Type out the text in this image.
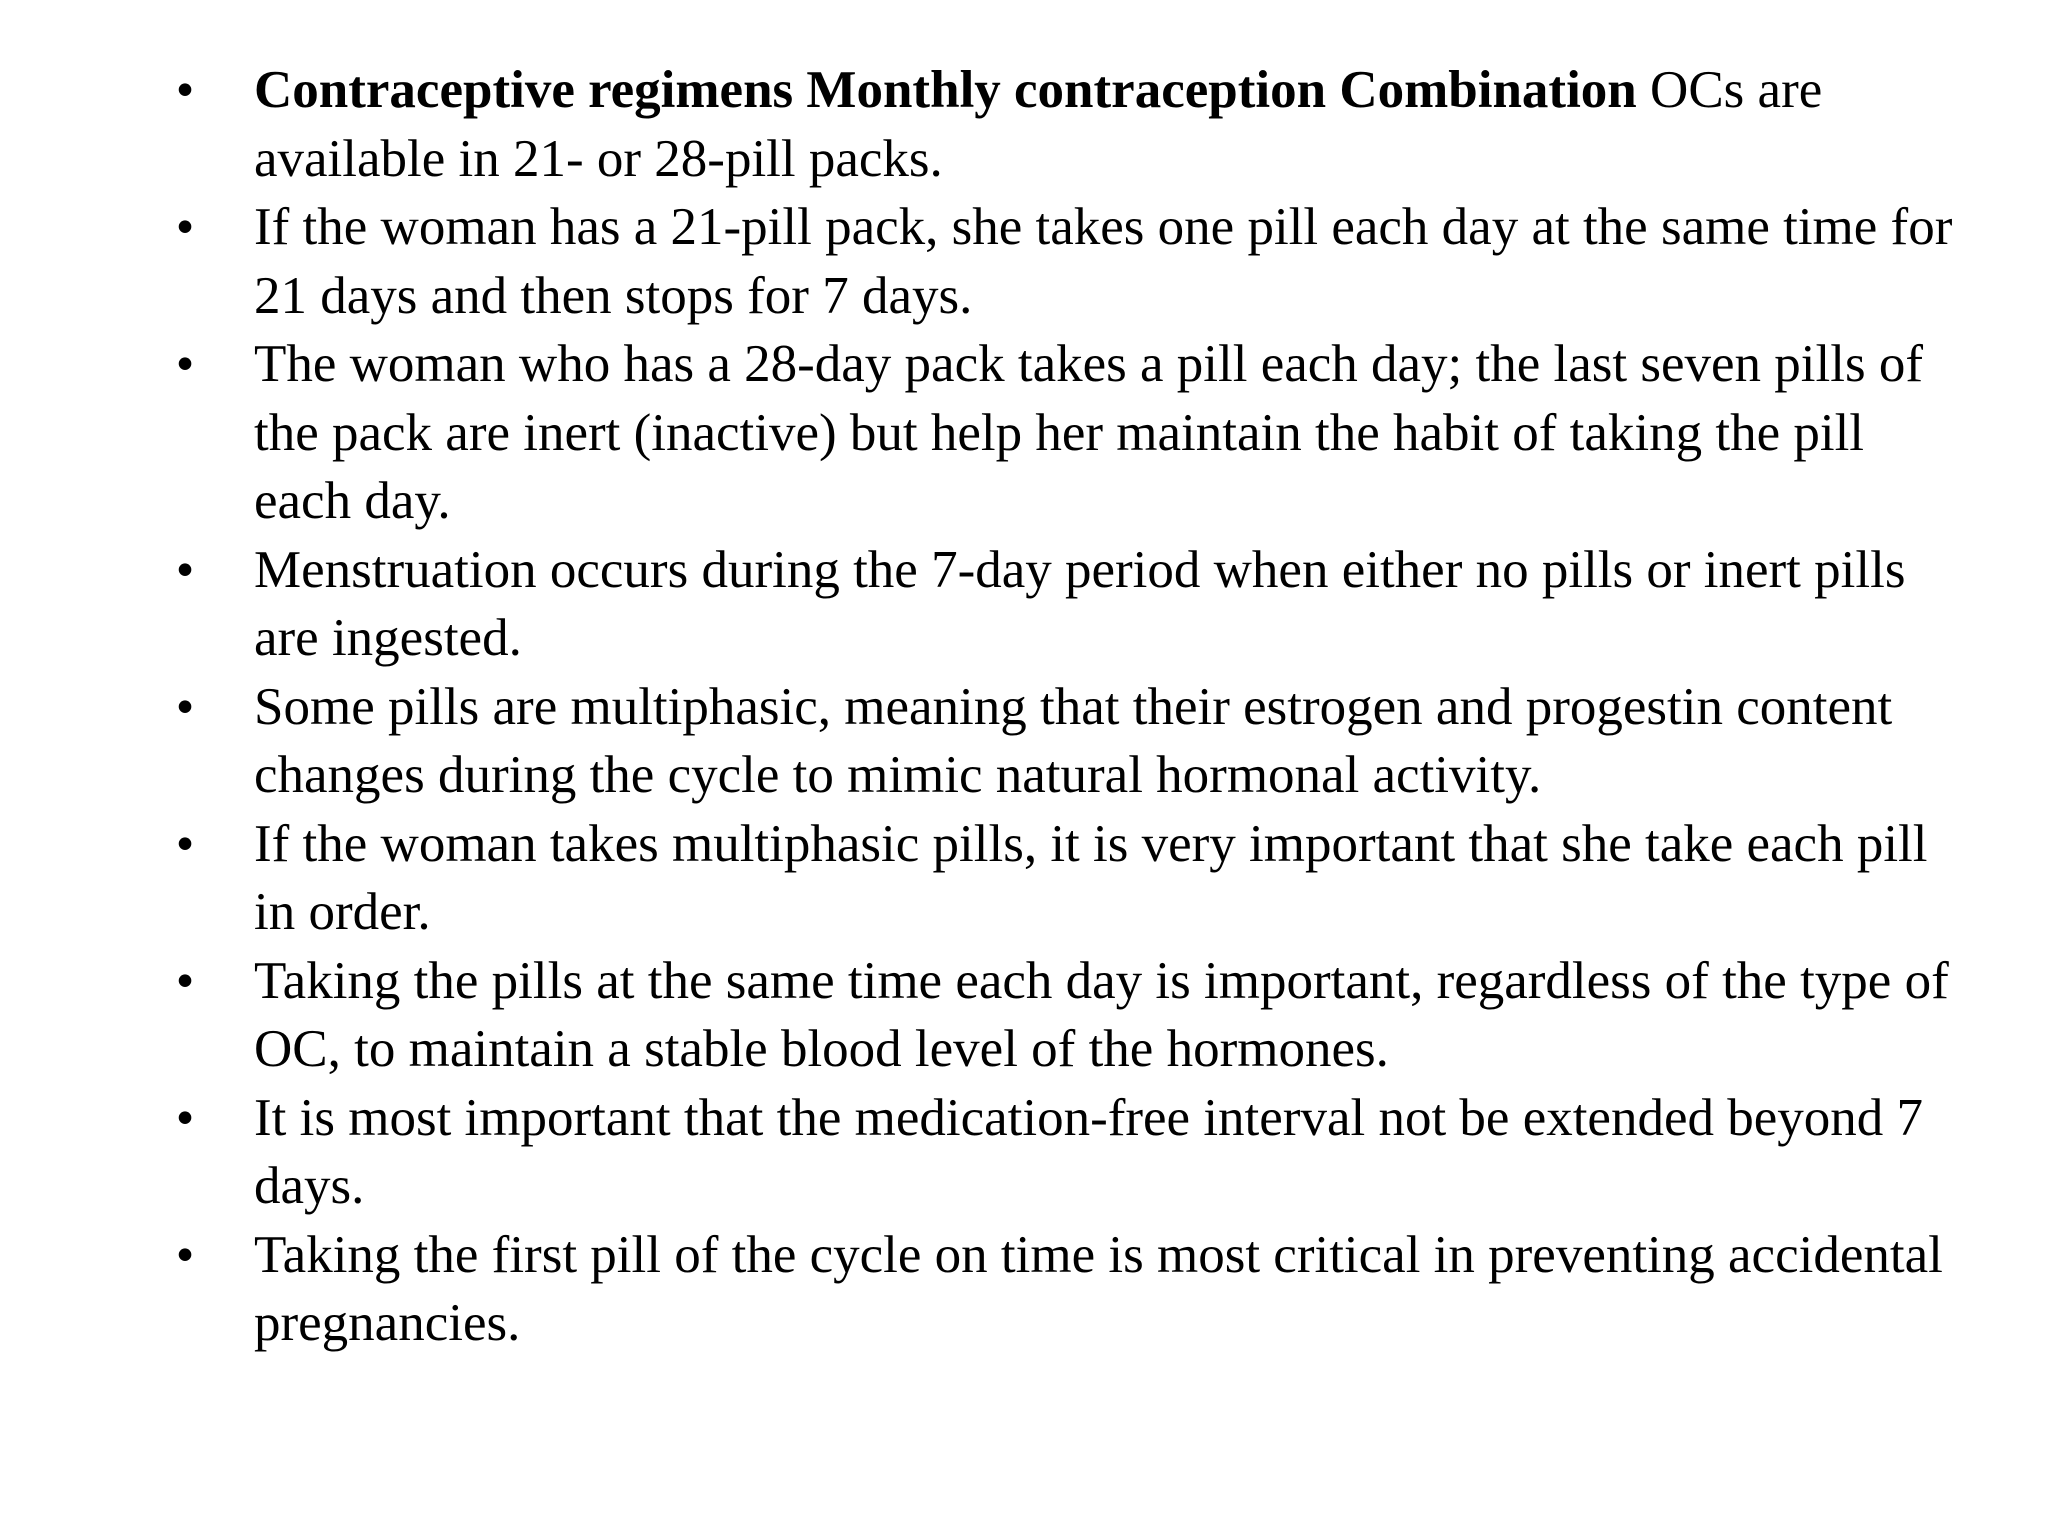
• Contraceptive regimens Monthly contraception Combination OCs are available in 21- or 28-pill packs.
• If the woman has a 21-pill pack, she takes one pill each day at the same time for 21 days and then stops for 7 days.
• The woman who has a 28-day pack takes a pill each day; the last seven pills of the pack are inert (inactive) but help her maintain the habit of taking the pill each day.
• Menstruation occurs during the 7-day period when either no pills or inert pills are ingested.
• Some pills are multiphasic, meaning that their estrogen and progestin content changes during the cycle to mimic natural hormonal activity.
• If the woman takes multiphasic pills, it is very important that she take each pill in order.
• Taking the pills at the same time each day is important, regardless of the type of OC, to maintain a stable blood level of the hormones.
• It is most important that the medication-free interval not be extended beyond 7 days.
• Taking the first pill of the cycle on time is most critical in preventing accidental pregnancies.
